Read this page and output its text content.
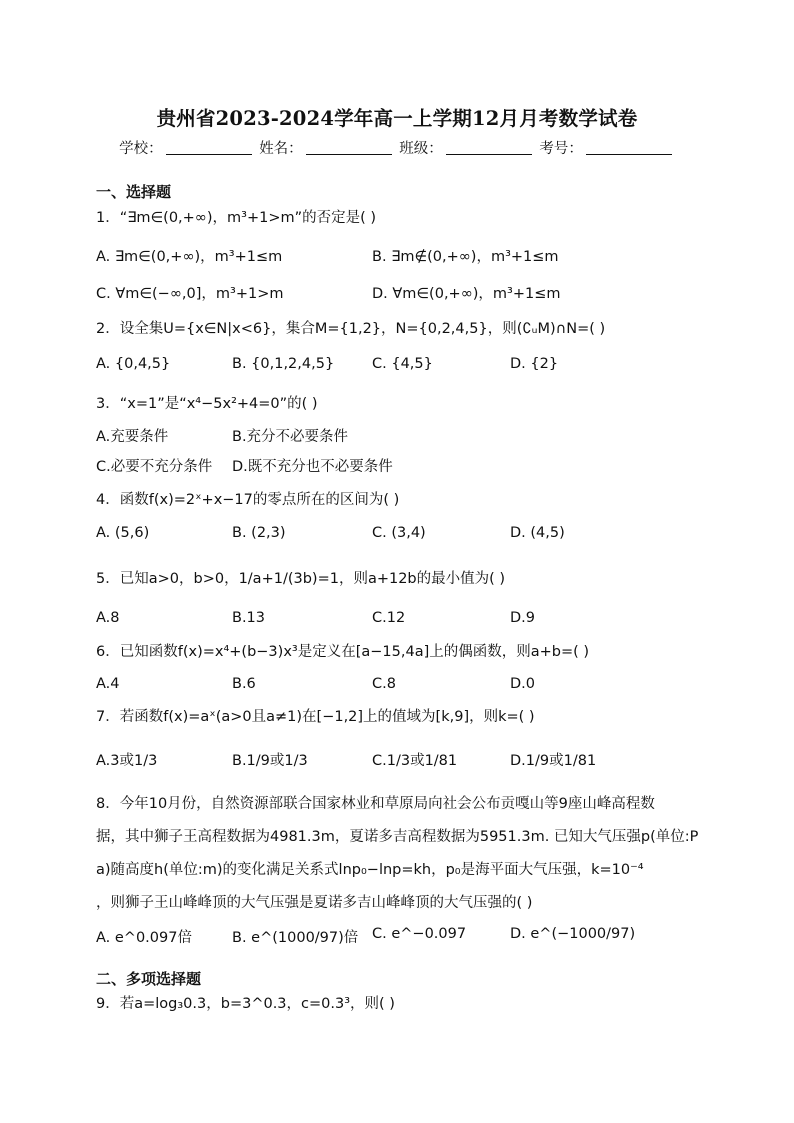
贵州省2023-2024学年高一上学期12月月考数学试卷
学校：	姓名：	班级：	考号：
一、选择题
1．“∃m∈(0,+∞)，m³+1>m”的否定是( )
A. ∃m∈(0,+∞)，m³+1≤m	B. ∃m∉(0,+∞)，m³+1≤m
C. ∀m∈(−∞,0]，m³+1>m	D. ∀m∈(0,+∞)，m³+1≤m
2．设全集U={x∈N|x<6}，集合M={1,2}，N={0,2,4,5}，则(∁ᵤM)∩N=( )
A. {0,4,5}	B. {0,1,2,4,5}	C. {4,5}	D. {2}
3．“x=1”是“x⁴−5x²+4=0”的( )
A.充要条件	B.充分不必要条件
C.必要不充分条件 D.既不充分也不必要条件
4．函数f(x)=2ˣ+x−17的零点所在的区间为( )
A. (5,6)	B. (2,3)	C. (3,4)	D. (4,5)
5．已知a>0，b>0，1/a+1/(3b)=1，则a+12b的最小值为( )
A.8	B.13	C.12	D.9
6．已知函数f(x)=x⁴+(b−3)x³是定义在[a−15,4a]上的偶函数，则a+b=( )
A.4	B.6	C.8	D.0
7．若函数f(x)=aˣ(a>0且a≠1)在[−1,2]上的值域为[k,9]，则k=( )
A.3或1/3	B.1/9或1/3	C.1/3或1/81	D.1/9或1/81
8．今年10月份，自然资源部联合国家林业和草原局向社会公布贡嘎山等9座山峰高程数
据，其中狮子王高程数据为4981.3m，夏诺多吉高程数据为5951.3m. 已知大气压强p(单位:P
a)随高度h(单位:m)的变化满足关系式lnp₀−lnp=kh，p₀是海平面大气压强，k=10⁻⁴
，则狮子王山峰峰顶的大气压强是夏诺多吉山峰峰顶的大气压强的( )
A. e^0.097倍	B. e^(1000/97)倍 C. e^−0.097	D. e^(−1000/97)
二、多项选择题
9．若a=log₃0.3，b=3^0.3，c=0.3³，则( )
